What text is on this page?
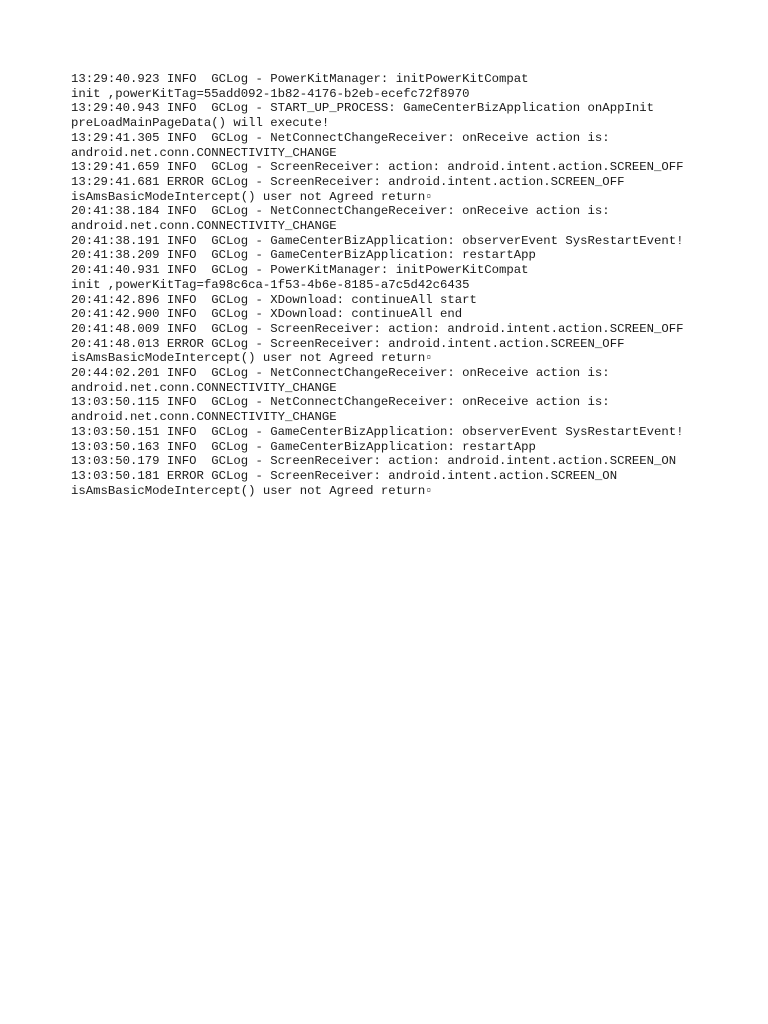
13:29:40.923 INFO  GCLog - PowerKitManager: initPowerKitCompat
init ,powerKitTag=55add092-1b82-4176-b2eb-ecefc72f8970
13:29:40.943 INFO  GCLog - START_UP_PROCESS: GameCenterBizApplication onAppInit
preLoadMainPageData() will execute!
13:29:41.305 INFO  GCLog - NetConnectChangeReceiver: onReceive action is:
android.net.conn.CONNECTIVITY_CHANGE
13:29:41.659 INFO  GCLog - ScreenReceiver: action: android.intent.action.SCREEN_OFF
13:29:41.681 ERROR GCLog - ScreenReceiver: android.intent.action.SCREEN_OFF
isAmsBasicModeIntercept() user not Agreed return▫
20:41:38.184 INFO  GCLog - NetConnectChangeReceiver: onReceive action is:
android.net.conn.CONNECTIVITY_CHANGE
20:41:38.191 INFO  GCLog - GameCenterBizApplication: observerEvent SysRestartEvent!
20:41:38.209 INFO  GCLog - GameCenterBizApplication: restartApp
20:41:40.931 INFO  GCLog - PowerKitManager: initPowerKitCompat
init ,powerKitTag=fa98c6ca-1f53-4b6e-8185-a7c5d42c6435
20:41:42.896 INFO  GCLog - XDownload: continueAll start
20:41:42.900 INFO  GCLog - XDownload: continueAll end
20:41:48.009 INFO  GCLog - ScreenReceiver: action: android.intent.action.SCREEN_OFF
20:41:48.013 ERROR GCLog - ScreenReceiver: android.intent.action.SCREEN_OFF
isAmsBasicModeIntercept() user not Agreed return▫
20:44:02.201 INFO  GCLog - NetConnectChangeReceiver: onReceive action is:
android.net.conn.CONNECTIVITY_CHANGE
13:03:50.115 INFO  GCLog - NetConnectChangeReceiver: onReceive action is:
android.net.conn.CONNECTIVITY_CHANGE
13:03:50.151 INFO  GCLog - GameCenterBizApplication: observerEvent SysRestartEvent!
13:03:50.163 INFO  GCLog - GameCenterBizApplication: restartApp
13:03:50.179 INFO  GCLog - ScreenReceiver: action: android.intent.action.SCREEN_ON
13:03:50.181 ERROR GCLog - ScreenReceiver: android.intent.action.SCREEN_ON
isAmsBasicModeIntercept() user not Agreed return▫
